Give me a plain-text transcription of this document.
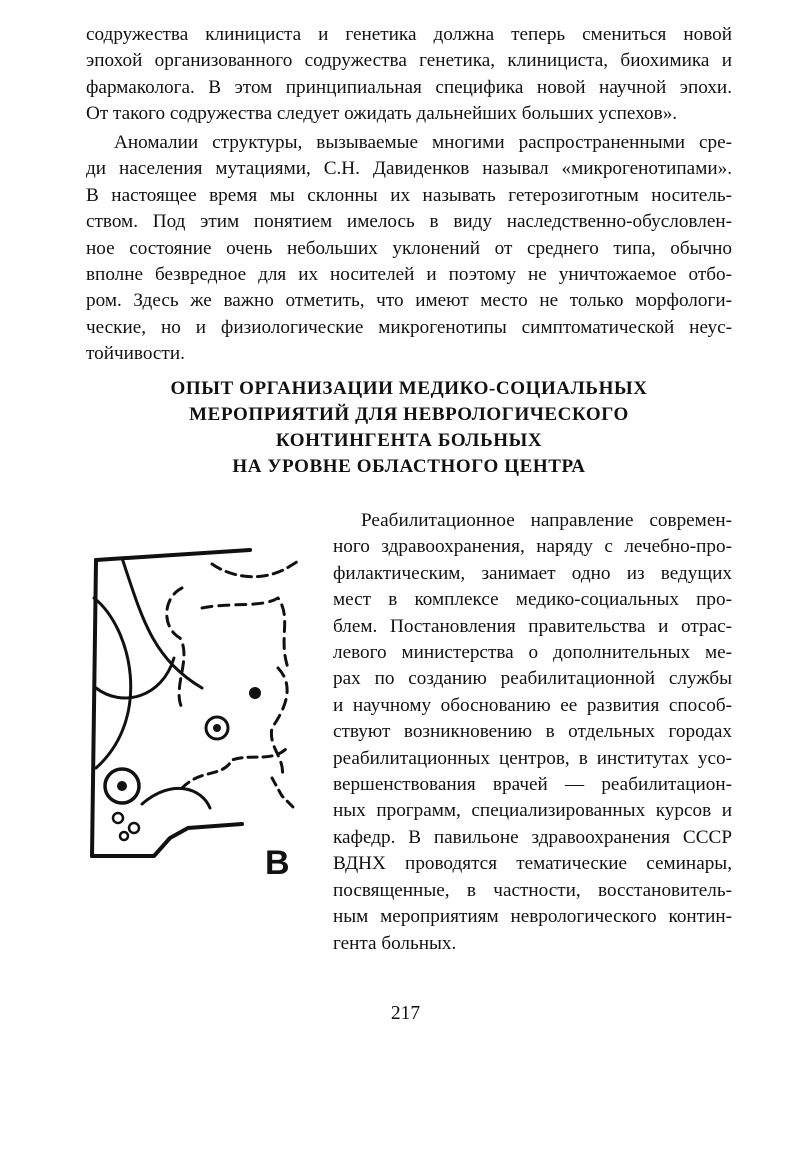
содружества клинициста и генетика должна теперь смениться новой
эпохой организованного содружества генетика, клинициста, биохимика и
фармаколога. В этом принципиальная специфика новой научной эпохи.
От такого содружества следует ожидать дальнейших больших успехов».
Аномалии структуры, вызываемые многими распространенными сре-
ди населения мутациями, С.Н. Давиденков называл «микрогенотипами».
В настоящее время мы склонны их называть гетерозиготным носитель-
ством. Под этим понятием имелось в виду наследственно-обусловлен-
ное состояние очень небольших уклонений от среднего типа, обычно
вполне безвредное для их носителей и поэтому не уничтожаемое отбо-
ром. Здесь же важно отметить, что имеют место не только морфологи-
ческие, но и физиологические микрогенотипы симптоматической неус-
тойчивости.
ОПЫТ ОРГАНИЗАЦИИ МЕДИКО-СОЦИАЛЬНЫХ
МЕРОПРИЯТИЙ ДЛЯ НЕВРОЛОГИЧЕСКОГО
КОНТИНГЕНТА БОЛЬНЫХ
НА УРОВНЕ ОБЛАСТНОГО ЦЕНТРА
В
Реабилитационное направление современ-
ного здравоохранения, наряду с лечебно-про-
филактическим, занимает одно из ведущих
мест в комплексе медико-социальных про-
блем. Постановления правительства и отрас-
левого министерства о дополнительных ме-
рах по созданию реабилитационной службы
и научному обоснованию ее развития способ-
ствуют возникновению в отдельных городах
реабилитационных центров, в институтах усо-
вершенствования врачей — реабилитацион-
ных программ, специализированных курсов и
кафедр. В павильоне здравоохранения СССР
ВДНХ проводятся тематические семинары,
посвященные, в частности, восстановитель-
ным мероприятиям неврологического контин-
гента больных.
217
